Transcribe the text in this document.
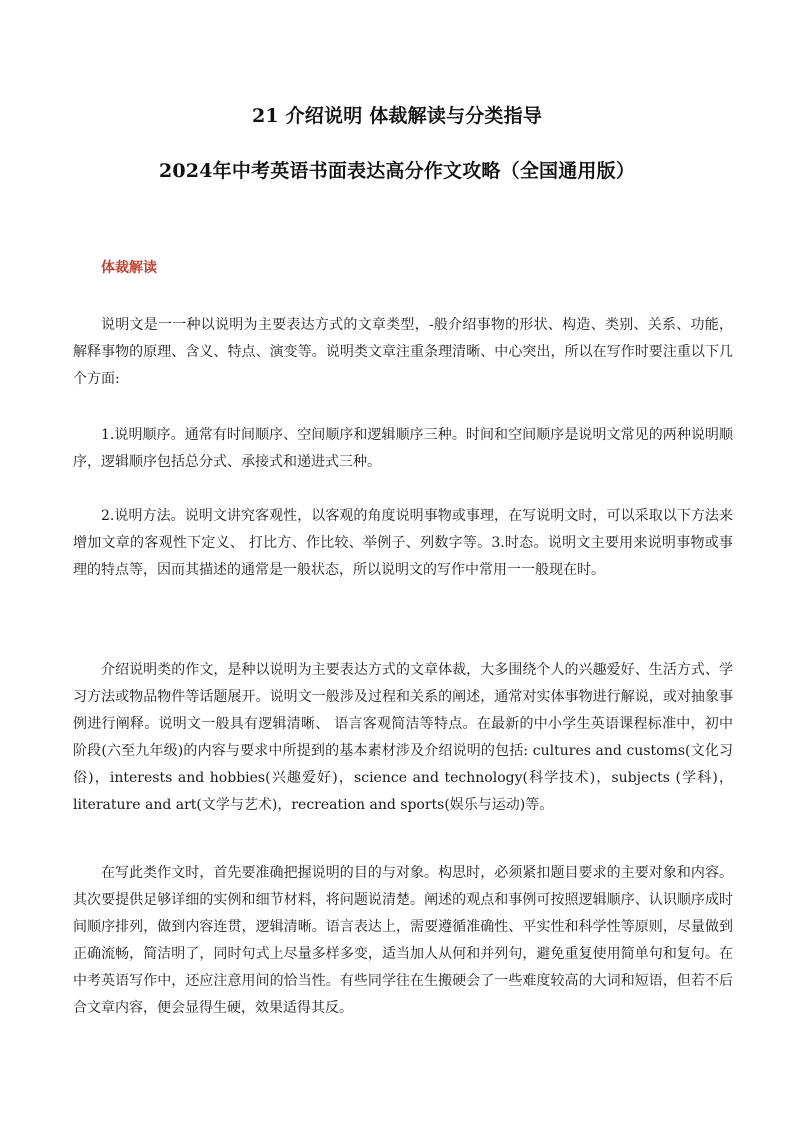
21 介绍说明 体裁解读与分类指导
2024年中考英语书面表达高分作文攻略（全国通用版）
体裁解读

说明文是一一种以说明为主要表达方式的文章类型，-般介绍事物的形状、构造、类别、关系、功能，解释事物的原理、含义、特点、演变等。说明类文章注重条理清晰、中心突出，所以在写作时要注重以下几个方面:

1.说明顺序。通常有时间顺序、空间顺序和逻辑顺序三种。时间和空间顺序是说明文常见的两种说明顺序，逻辑顺序包括总分式、承接式和递进式三种。

2.说明方法。说明文讲究客观性，以客观的角度说明事物或事理，在写说明文时，可以采取以下方法来增加文章的客观性下定义、 打比方、作比较、举例子、列数字等。3.时态。说明文主要用来说明事物或事理的特点等，因而其描述的通常是一般状态，所以说明文的写作中常用一一般现在时。

介绍说明类的作文，是种以说明为主要表达方式的文章体裁，大多围绕个人的兴趣爱好、生活方式、学习方法或物品物件等话题展开。说明文一般涉及过程和关系的阐述，通常对实体事物进行解说，或对抽象事例进行阐释。说明文一般具有逻辑清晰、 语言客观简洁等特点。在最新的中小学生英语课程标准中，初中阶段(六至九年级)的内容与要求中所提到的基本素材涉及介绍说明的包括: cultures and customs(文化习俗)，interests and hobbies(兴趣爱好)，science and technology(科学技术)，subjects (学科)，literature and art(文学与艺术)，recreation and sports(娱乐与运动)等。

在写此类作文时，首先要准确把握说明的目的与对象。构思时，必须紧扣题目要求的主要对象和内容。其次要提供足够详细的实例和细节材料，将问题说清楚。阐述的观点和事例可按照逻辑顺序、认识顺序成时间顺序排列，做到内容连贯，逻辑清晰。语言表达上，需要遵循准确性、平实性和科学性等原则，尽量做到正确流畅，简洁明了，同时句式上尽量多样多变，适当加人从何和并列句，避免重复使用简单句和复句。在中考英语写作中，还应注意用间的恰当性。有些同学往在生搬硬会了一些难度较高的大词和短语，但若不后合文章内容，便会显得生硬，效果适得其反。
